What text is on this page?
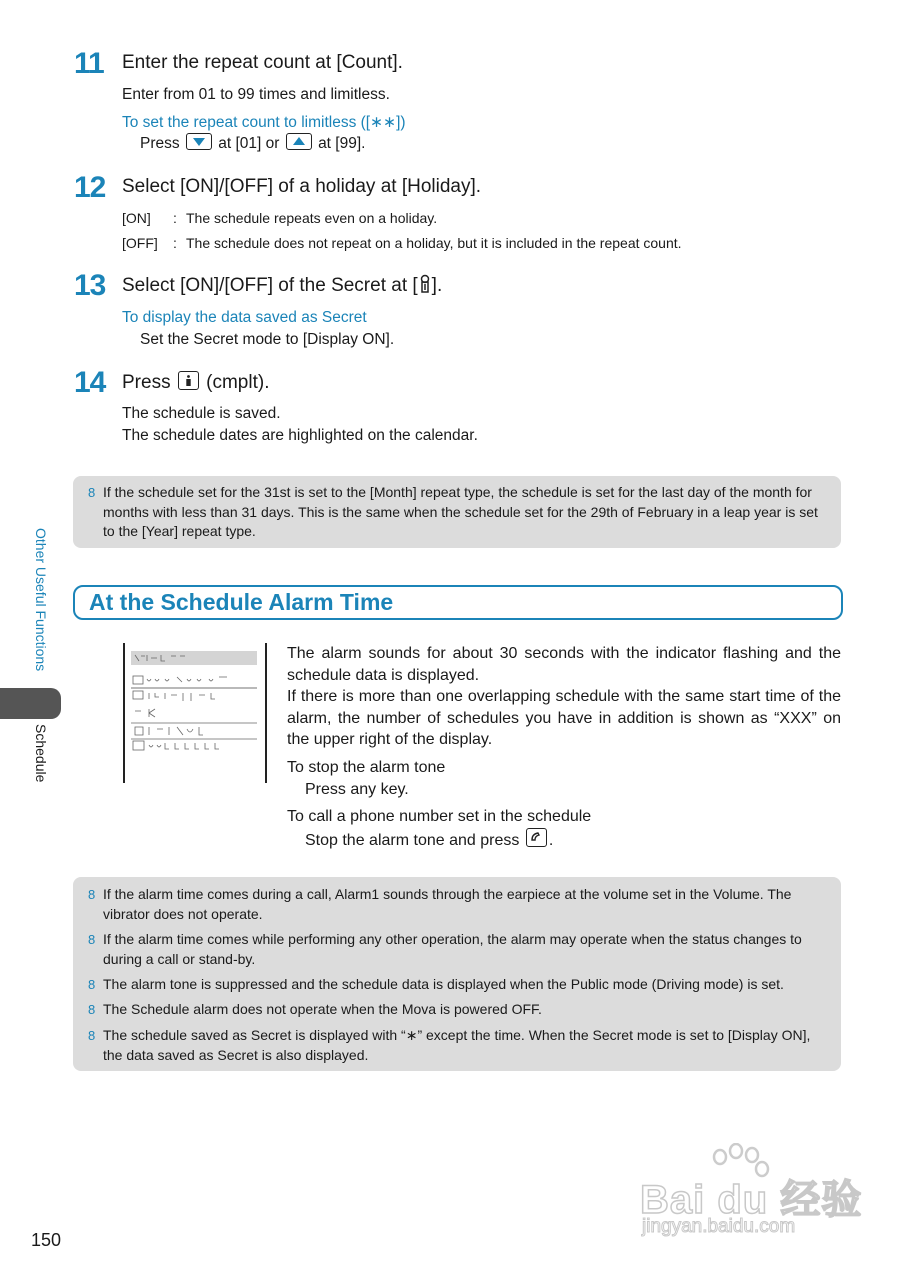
11 Enter the repeat count at [Count].
Enter from 01 to 99 times and limitless.
To set the repeat count to limitless ([∗∗])
Press at [01] or at [99].
12 Select [ON]/[OFF] of a holiday at [Holiday].
[ON] : The schedule repeats even on a holiday.
[OFF] : The schedule does not repeat on a holiday, but it is included in the repeat count.
13 Select [ON]/[OFF] of the Secret at [ ].
To display the data saved as Secret
Set the Secret mode to [Display ON].
14 Press (cmplt).
The schedule is saved.
The schedule dates are highlighted on the calendar.
8 If the schedule set for the 31st is set to the [Month] repeat type, the schedule is set for the last day of the month for months with less than 31 days. This is the same when the schedule set for the 29th of February in a leap year is set to the [Year] repeat type.
Other Useful Functions
Schedule
At the Schedule Alarm Time
The alarm sounds for about 30 seconds with the indicator flashing and the schedule data is displayed.
If there is more than one overlapping schedule with the same start time of the alarm, the number of schedules you have in addition is shown as “XXX” on the upper right of the display.
To stop the alarm tone
Press any key.
To call a phone number set in the schedule
Stop the alarm tone and press .
8 If the alarm time comes during a call, Alarm1 sounds through the earpiece at the volume set in the Volume. The vibrator does not operate.
8 If the alarm time comes while performing any other operation, the alarm may operate when the status changes to during a call or stand-by.
8 The alarm tone is suppressed and the schedule data is displayed when the Public mode (Driving mode) is set.
8 The Schedule alarm does not operate when the Mova is powered OFF.
8 The schedule saved as Secret is displayed with “∗” except the time. When the Secret mode is set to [Display ON], the data saved as Secret is also displayed.
Bai du 经验
jingyan.baidu.com
150
